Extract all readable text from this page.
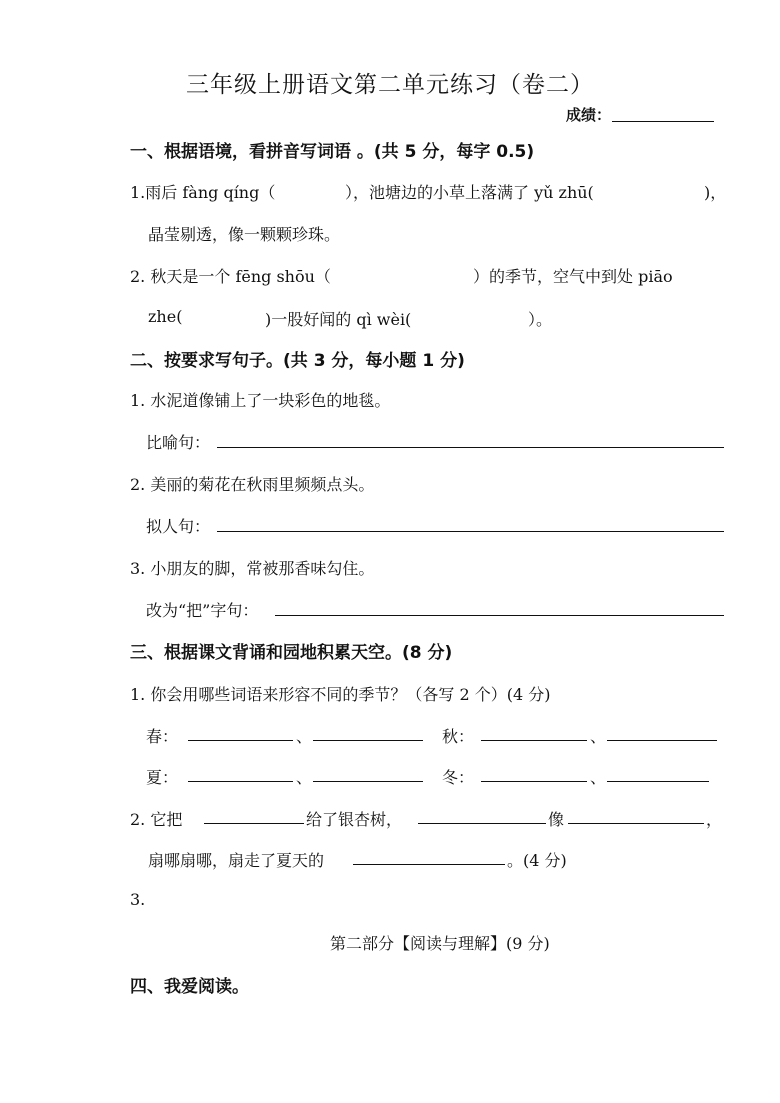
三年级上册语文第二单元练习（卷二）
成绩：
一、根据语境，看拼音写词语 。(共 5 分，每字 0.5)
1.雨后 fàng qíng（	），池塘边的小草上落满了 yǔ zhū(	)，
晶莹剔透，像一颗颗珍珠。
2. 秋天是一个 fēng shōu（	）的季节，空气中到处 piāo
zhe(	)一股好闻的 qì wèi(	）。
二、按要求写句子。(共 3 分，每小题 1 分)
1. 水泥道像铺上了一块彩色的地毯。
比喻句：
2. 美丽的菊花在秋雨里频频点头。
拟人句：
3. 小朋友的脚，常被那香味勾住。
改为“把”字句：
三、根据课文背诵和园地积累天空。(8 分)
1. 你会用哪些词语来形容不同的季节？（各写 2 个）(4 分)
春：	、	秋：	、
夏：	、	冬：	、
2. 它把	给了银杏树，	像	，
扇哪扇哪，扇走了夏天的	。(4 分)
3.
第二部分【阅读与理解】(9 分)
四、我爱阅读。
